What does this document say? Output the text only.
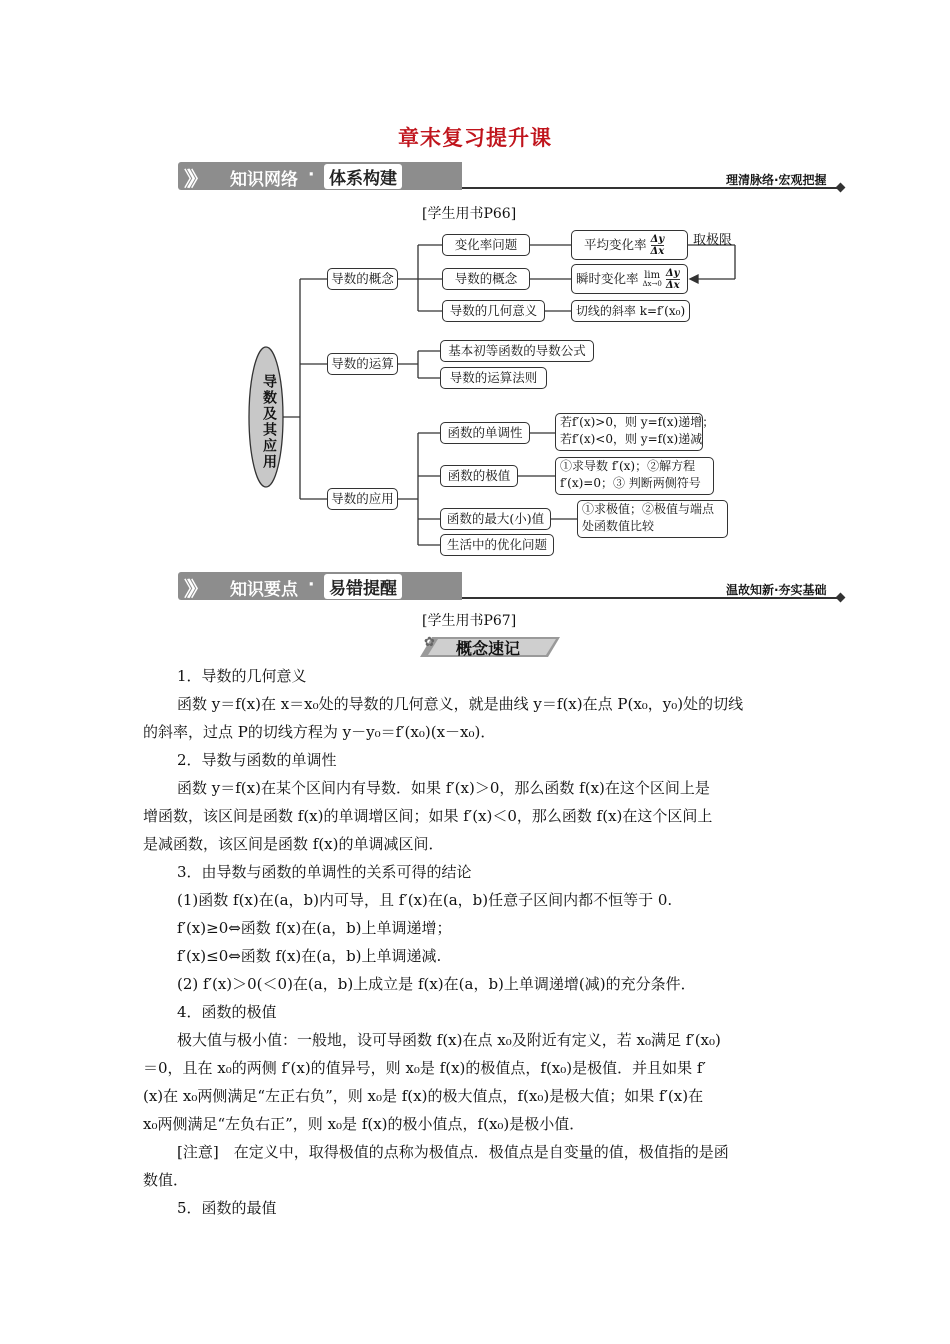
章末复习提升课
》》 知识网络 · 体系构建	理清脉络·宏观把握
[学生用书P66]
导数及其应用
导数的概念
导数的运算
导数的应用
变化率问题
导数的概念
导数的几何意义
基本初等函数的导数公式
导数的运算法则
函数的单调性
函数的极值
函数的最大(小)值
生活中的优化问题
平均变化率 $\frac{\Delta y}{\Delta x}$ 取极限
瞬时变化率 lim
Δx→0
$\frac{\Delta y}{\Delta x}$
切线的斜率 k=f′(x₀)
若f′(x)>0，则 y=f(x)递增；
若f′(x)<0，则 y=f(x)递减
①求导数 f′(x)；②解方程
f′(x)=0；③ 判断两侧符号
①求极值；②极值与端点
处函数值比较
》》 知识要点 · 易错提醒	温故知新·夯实基础
[学生用书P67]
✿ 概念速记
1．导数的几何意义
函数 y＝f(x)在 x＝x₀处的导数的几何意义，就是曲线 y＝f(x)在点 P(x₀，y₀)处的切线
的斜率，过点 P的切线方程为 y－y₀＝f′(x₀)(x－x₀)．
2．导数与函数的单调性
函数 y＝f(x)在某个区间内有导数．如果 f′(x)＞0，那么函数 f(x)在这个区间上是
增函数，该区间是函数 f(x)的单调增区间；如果 f′(x)＜0，那么函数 f(x)在这个区间上
是减函数，该区间是函数 f(x)的单调减区间．
3．由导数与函数的单调性的关系可得的结论
(1)函数 f(x)在(a，b)内可导，且 f′(x)在(a，b)任意子区间内都不恒等于 0.
f′(x)≥0⇔函数 f(x)在(a，b)上单调递增；
f′(x)≤0⇔函数 f(x)在(a，b)上单调递减.
(2) f′(x)＞0(＜0)在(a，b)上成立是 f(x)在(a，b)上单调递增(减)的充分条件．
4．函数的极值
极大值与极小值：一般地，设可导函数 f(x)在点 x₀及附近有定义，若 x₀满足 f′(x₀)
＝0，且在 x₀的两侧 f′(x)的值异号，则 x₀是 f(x)的极值点，f(x₀)是极值．并且如果 f′
(x)在 x₀两侧满足“左正右负”，则 x₀是 f(x)的极大值点，f(x₀)是极大值；如果 f′(x)在
x₀两侧满足“左负右正”，则 x₀是 f(x)的极小值点，f(x₀)是极小值．
[注意]　在定义中，取得极值的点称为极值点．极值点是自变量的值，极值指的是函
数值．
5．函数的最值
